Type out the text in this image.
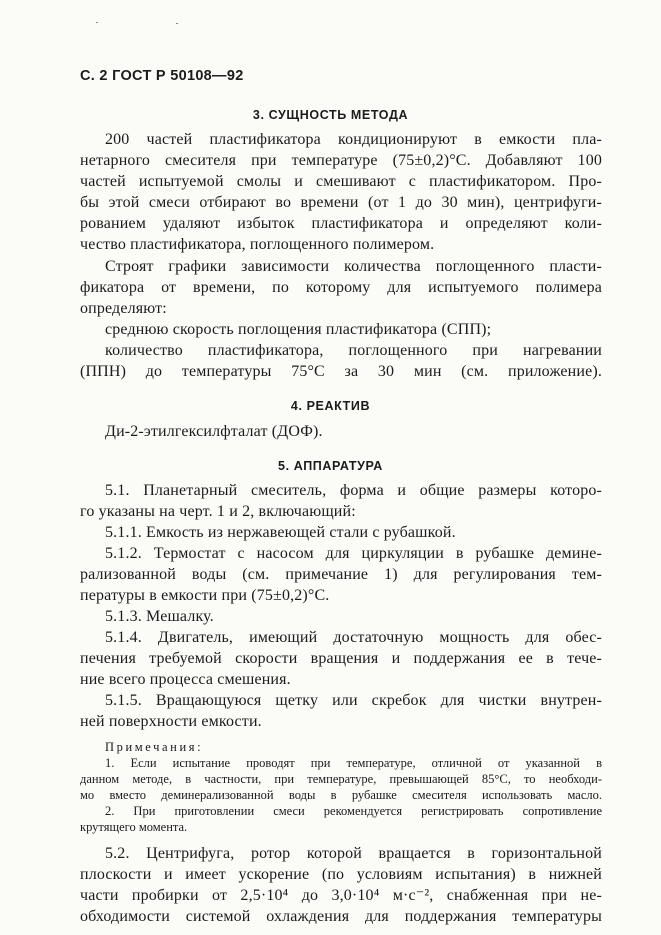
С. 2 ГОСТ Р 50108—92
3. СУЩНОСТЬ МЕТОДА
200 частей пластификатора кондиционируют в емкости пла-
нетарного смесителя при температуре (75±0,2)°С. Добавляют 100
частей испытуемой смолы и смешивают с пластификатором. Про-
бы этой смеси отбирают во времени (от 1 до 30 мин), центрифуги-
рованием удаляют избыток пластификатора и определяют коли-
чество пластификатора, поглощенного полимером.
Строят графики зависимости количества поглощенного пласти-
фикатора от времени, по которому для испытуемого полимера
определяют:
среднюю скорость поглощения пластификатора (СПП);
количество пластификатора, поглощенного при нагревании
(ППН) до температуры 75°С за 30 мин (см. приложение).
4. РЕАКТИВ
Ди-2-этилгексилфталат (ДОФ).
5. АППАРАТУРА
5.1. Планетарный смеситель, форма и общие размеры которо-
го указаны на черт. 1 и 2, включающий:
5.1.1. Емкость из нержавеющей стали с рубашкой.
5.1.2. Термостат с насосом для циркуляции в рубашке демине-
рализованной воды (см. примечание 1) для регулирования тем-
пературы в емкости при (75±0,2)°С.
5.1.3. Мешалку.
5.1.4. Двигатель, имеющий достаточную мощность для обес-
печения требуемой скорости вращения и поддержания ее в тече-
ние всего процесса смешения.
5.1.5. Вращающуюся щетку или скребок для чистки внутрен-
ней поверхности емкости.
Примечания:
1. Если испытание проводят при температуре, отличной от указанной в
данном методе, в частности, при температуре, превышающей 85°С, то необходи-
мо вместо деминерализованной воды в рубашке смесителя использовать масло.
2. При приготовлении смеси рекомендуется регистрировать сопротивление
крутящего момента.
5.2. Центрифуга, ротор которой вращается в горизонтальной
плоскости и имеет ускорение (по условиям испытания) в нижней
части пробирки от 2,5·10⁴ до 3,0·10⁴ м·с⁻², снабженная при не-
обходимости системой охлаждения для поддержания температуры
